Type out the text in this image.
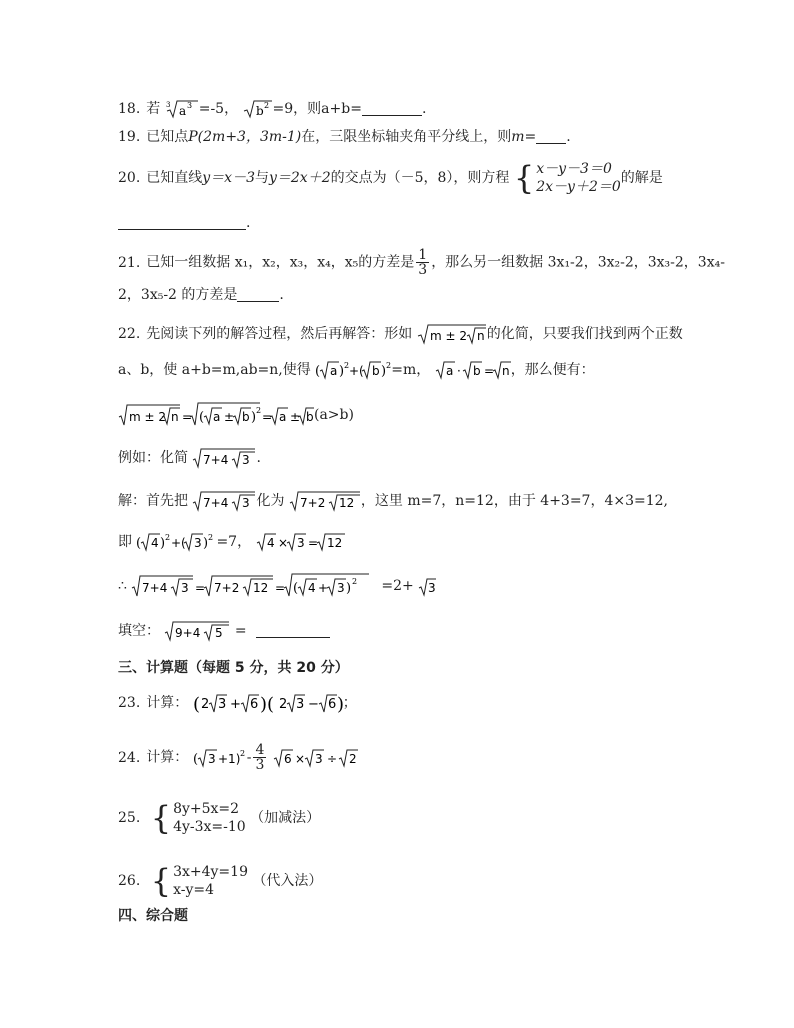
18. 若 3 a 3 =-5， b 2 =9，则a+b=	.
19. 已知点P(2m+3，3m-1)在，三限坐标轴夹角平分线上，则m= .
20. 已知直线y＝x－3与y＝2x＋2的交点为（－5，8），则方程 { x－y－3＝0
2x－y＋2＝0
的解是
.
21. 已知一组数据 x₁，x₂，x₃，x₄，x₅的方差是 $\frac{1}{3}$ ，那么另一组数据 3x₁-2，3x₂-2，3x₃-2，3x₄-
2，3x₅-2 的方差是	.
22. 先阅读下列的解答过程，然后再解答：形如 m ± 2 n 的化简，只要我们找到两个正数
a、b，使 a+b=m,ab=n,使得 ( a ) 2 +( b ) 2 =m， a · b = n ，那么便有：
m ± 2 n = ( a ± b ) 2 = a ± b (a>b)
例如：化简 7+4 3 .
解：首先把 7+4 3 化为 7+2 12 ，这里 m=7，n=12，由于 4+3=7，4×3=12,
即 ( 4 ) 2 +( 3 ) 2 =7， 4 × 3 = 12
∴ 7+4 3 = 7+2 12 = ( 4 + 3 ) 2 =2+ 3
填空： 9+4 5 =
三、计算题（每题 5 分，共 20 分）
23. 计算： ( 2 3 + 6 )( 2 3 − 6 )
；
24. 计算： ( 3 +1) $2 - \frac{4}{3}$
6 × 3 ÷ 2
25. { 8y+5x=2
4y-3x=-10
（加减法）
26. { 3x+4y=19
x-y=4
（代入法）
四、综合题
